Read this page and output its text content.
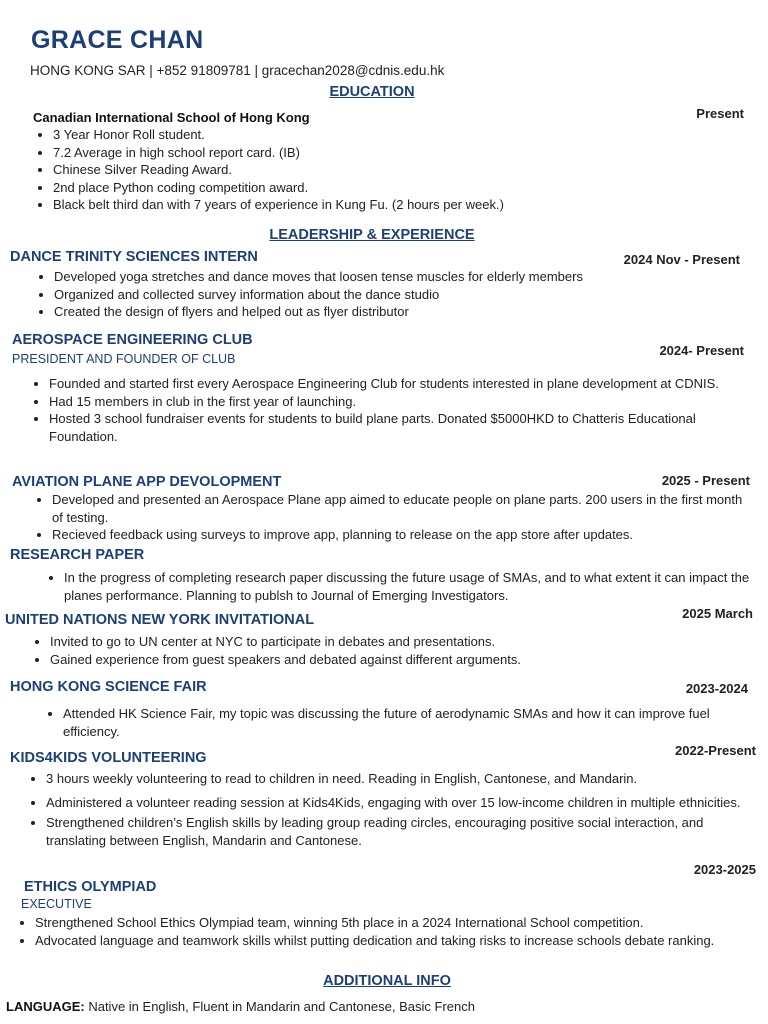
GRACE CHAN
HONG KONG SAR | +852 91809781 | gracechan2028@cdnis.edu.hk
EDUCATION
Canadian International School of Hong Kong	Present
• 3 Year Honor Roll student.
• 7.2 Average in high school report card. (IB)
• Chinese Silver Reading Award.
• 2nd place Python coding competition award.
• Black belt third dan with 7 years of experience in Kung Fu. (2 hours per week.)
LEADERSHIP & EXPERIENCE
DANCE TRINITY SCIENCES INTERN	2024 Nov - Present
• Developed yoga stretches and dance moves that loosen tense muscles for elderly members
• Organized and collected survey information about the dance studio
• Created the design of flyers and helped out as flyer distributor
AEROSPACE ENGINEERING CLUB
PRESIDENT AND FOUNDER OF CLUB
2024- Present
• Founded and started first every Aerospace Engineering Club for students interested in plane development at CDNIS.
• Had 15 members in club in the first year of launching.
• Hosted 3 school fundraiser events for students to build plane parts. Donated $5000HKD to Chatteris Educational Foundation.
AVIATION PLANE APP DEVOLOPMENT	2025 - Present
• Developed and presented an Aerospace Plane app aimed to educate people on plane parts. 200 users in the first month of testing.
• Recieved feedback using surveys to improve app, planning to release on the app store after updates.
RESEARCH PAPER
• In the progress of completing research paper discussing the future usage of SMAs, and to what extent it can impact the planes performance. Planning to publsh to Journal of Emerging Investigators.
UNITED NATIONS NEW YORK INVITATIONAL	2025 March
• Invited to go to UN center at NYC to participate in debates and presentations.
• Gained experience from guest speakers and debated against different arguments.
HONG KONG SCIENCE FAIR	2023-2024
• Attended HK Science Fair, my topic was discussing the future of aerodynamic SMAs and how it can improve fuel efficiency.
KIDS4KIDS VOLUNTEERING	2022-Present
• 3 hours weekly volunteering to read to children in need. Reading in English, Cantonese, and Mandarin.
• Administered a volunteer reading session at Kids4Kids, engaging with over 15 low-income children in multiple ethnicities.
• Strengthened children’s English skills by leading group reading circles, encouraging positive social interaction, and translating between English, Mandarin and Cantonese.
2023-2025
ETHICS OLYMPIAD
EXECUTIVE
• Strengthened School Ethics Olympiad team, winning 5th place in a 2024 International School competition.
• Advocated language and teamwork skills whilst putting dedication and taking risks to increase schools debate ranking.
ADDITIONAL INFO
LANGUAGE: Native in English, Fluent in Mandarin and Cantonese, Basic French
